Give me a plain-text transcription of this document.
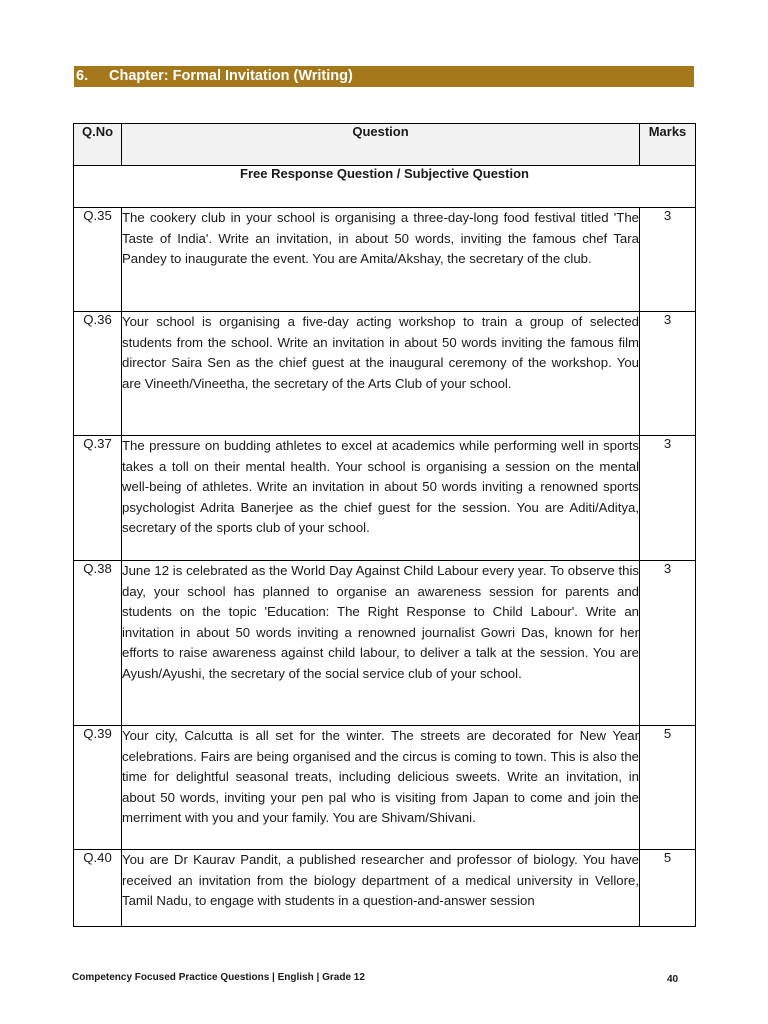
6. Chapter: Formal Invitation (Writing)
Q.No	Question	Marks
Free Response Question / Subjective Question		
Q.35	The cookery club in your school is organising a three-day-long food festival titled 'The Taste of India'. Write an invitation, in about 50 words, inviting the famous chef Tara Pandey to inaugurate the event. You are Amita/Akshay, the secretary of the club.	3
Q.36	Your school is organising a five-day acting workshop to train a group of selected students from the school. Write an invitation in about 50 words inviting the famous film director Saira Sen as the chief guest at the inaugural ceremony of the workshop. You are Vineeth/Vineetha, the secretary of the Arts Club of your school.	3
Q.37	The pressure on budding athletes to excel at academics while performing well in sports takes a toll on their mental health. Your school is organising a session on the mental well-being of athletes. Write an invitation in about 50 words inviting a renowned sports psychologist Adrita Banerjee as the chief guest for the session. You are Aditi/Aditya, secretary of the sports club of your school.	3
Q.38	June 12 is celebrated as the World Day Against Child Labour every year. To observe this day, your school has planned to organise an awareness session for parents and students on the topic 'Education: The Right Response to Child Labour'. Write an invitation in about 50 words inviting a renowned journalist Gowri Das, known for her efforts to raise awareness against child labour, to deliver a talk at the session. You are Ayush/Ayushi, the secretary of the social service club of your school.	3
Q.39	Your city, Calcutta is all set for the winter. The streets are decorated for New Year celebrations. Fairs are being organised and the circus is coming to town. This is also the time for delightful seasonal treats, including delicious sweets. Write an invitation, in about 50 words, inviting your pen pal who is visiting from Japan to come and join the merriment with you and your family. You are Shivam/Shivani.	5
Q.40	You are Dr Kaurav Pandit, a published researcher and professor of biology. You have received an invitation from the biology department of a medical university in Vellore, Tamil Nadu, to engage with students in a question-and-answer session	5
Competency Focused Practice Questions | English | Grade 12	40
